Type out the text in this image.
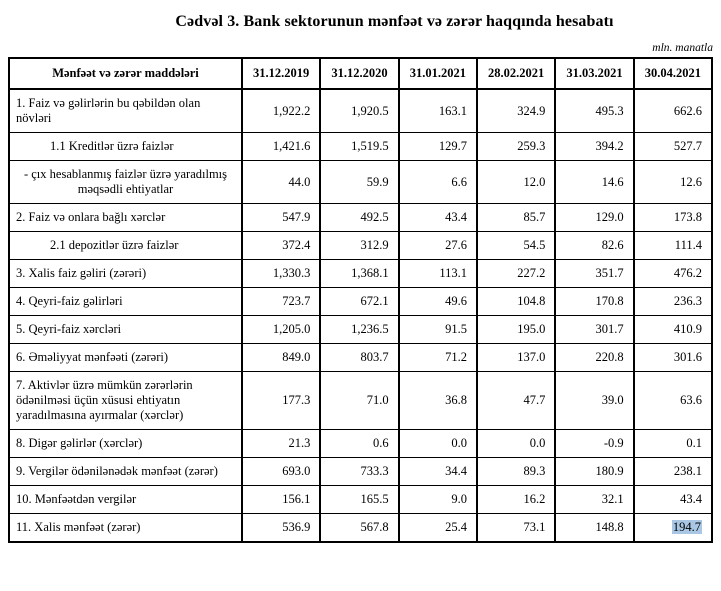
Cədvəl 3. Bank sektorunun mənfəət və zərər haqqında hesabatı
mln. manatla
Mənfəət və zərər maddələri	31.12.2019	31.12.2020	31.01.2021	28.02.2021	31.03.2021	30.04.2021
1. Faiz və gəlirlərin bu qəbildən olan növləri	1,922.2	1,920.5	163.1	324.9	495.3	662.6
1.1 Kreditlər üzrə faizlər	1,421.6	1,519.5	129.7	259.3	394.2	527.7
- çıx hesablanmış faizlər üzrə yaradılmış məqsədli ehtiyatlar	44.0	59.9	6.6	12.0	14.6	12.6
2. Faiz və onlara bağlı xərclər	547.9	492.5	43.4	85.7	129.0	173.8
2.1 depozitlər üzrə faizlər	372.4	312.9	27.6	54.5	82.6	111.4
3. Xalis faiz gəliri (zərəri)	1,330.3	1,368.1	113.1	227.2	351.7	476.2
4. Qeyri-faiz gəlirləri	723.7	672.1	49.6	104.8	170.8	236.3
5. Qeyri-faiz xərcləri	1,205.0	1,236.5	91.5	195.0	301.7	410.9
6. Əməliyyat mənfəəti (zərəri)	849.0	803.7	71.2	137.0	220.8	301.6
7. Aktivlər üzrə mümkün zərərlərin ödənilməsi üçün xüsusi ehtiyatın yaradılmasına ayırmalar (xərclər)	177.3	71.0	36.8	47.7	39.0	63.6
8. Digər gəlirlər (xərclər)	21.3	0.6	0.0	0.0	-0.9	0.1
9. Vergilər ödənilənədək mənfəət (zərər)	693.0	733.3	34.4	89.3	180.9	238.1
10. Mənfəətdən vergilər	156.1	165.5	9.0	16.2	32.1	43.4
11. Xalis mənfəət (zərər)	536.9	567.8	25.4	73.1	148.8	194.7
